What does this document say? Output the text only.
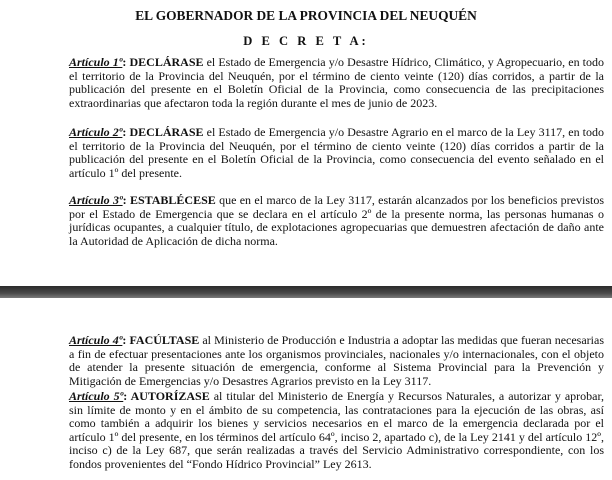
EL GOBERNADOR DE LA PROVINCIA DEL NEUQUÉN
D E C R E T A:

Artículo 1º: DECLÁRASE el Estado de Emergencia y/o Desastre Hídrico, Climático, y Agropecuario, en todo el territorio de la Provincia del Neuquén, por el término de ciento veinte (120) días corridos, a partir de la publicación del presente en el Boletín Oficial de la Provincia, como consecuencia de las precipitaciones extraordinarias que afectaron toda la región durante el mes de junio de 2023.

Artículo 2º: DECLÁRASE el Estado de Emergencia y/o Desastre Agrario en el marco de la Ley 3117, en todo el territorio de la Provincia del Neuquén, por el término de ciento veinte (120) días corridos a partir de la publicación del presente en el Boletín Oficial de la Provincia, como consecuencia del evento señalado en el artículo 1º del presente.

Artículo 3º: ESTABLÉCESE que en el marco de la Ley 3117, estarán alcanzados por los beneficios previstos por el Estado de Emergencia que se declara en el artículo 2º de la presente norma, las personas humanas o jurídicas ocupantes, a cualquier título, de explotaciones agropecuarias que demuestren afectación de daño ante la Autoridad de Aplicación de dicha norma.

Artículo 4º: FACÚLTASE al Ministerio de Producción e Industria a adoptar las medidas que fueran necesarias a fin de efectuar presentaciones ante los organismos provinciales, nacionales y/o internacionales, con el objeto de atender la presente situación de emergencia, conforme al Sistema Provincial para la Prevención y Mitigación de Emergencias y/o Desastres Agrarios previsto en la Ley 3117.

Artículo 5º: AUTORÍZASE al titular del Ministerio de Energía y Recursos Naturales, a autorizar y aprobar, sin límite de monto y en el ámbito de su competencia, las contrataciones para la ejecución de las obras, así como también a adquirir los bienes y servicios necesarios en el marco de la emergencia declarada por el artículo 1º del presente, en los términos del artículo 64º, inciso 2, apartado c), de la Ley 2141 y del artículo 12º, inciso c) de la Ley 687, que serán realizadas a través del Servicio Administrativo correspondiente, con los fondos provenientes del “Fondo Hídrico Provincial” Ley 2613.
